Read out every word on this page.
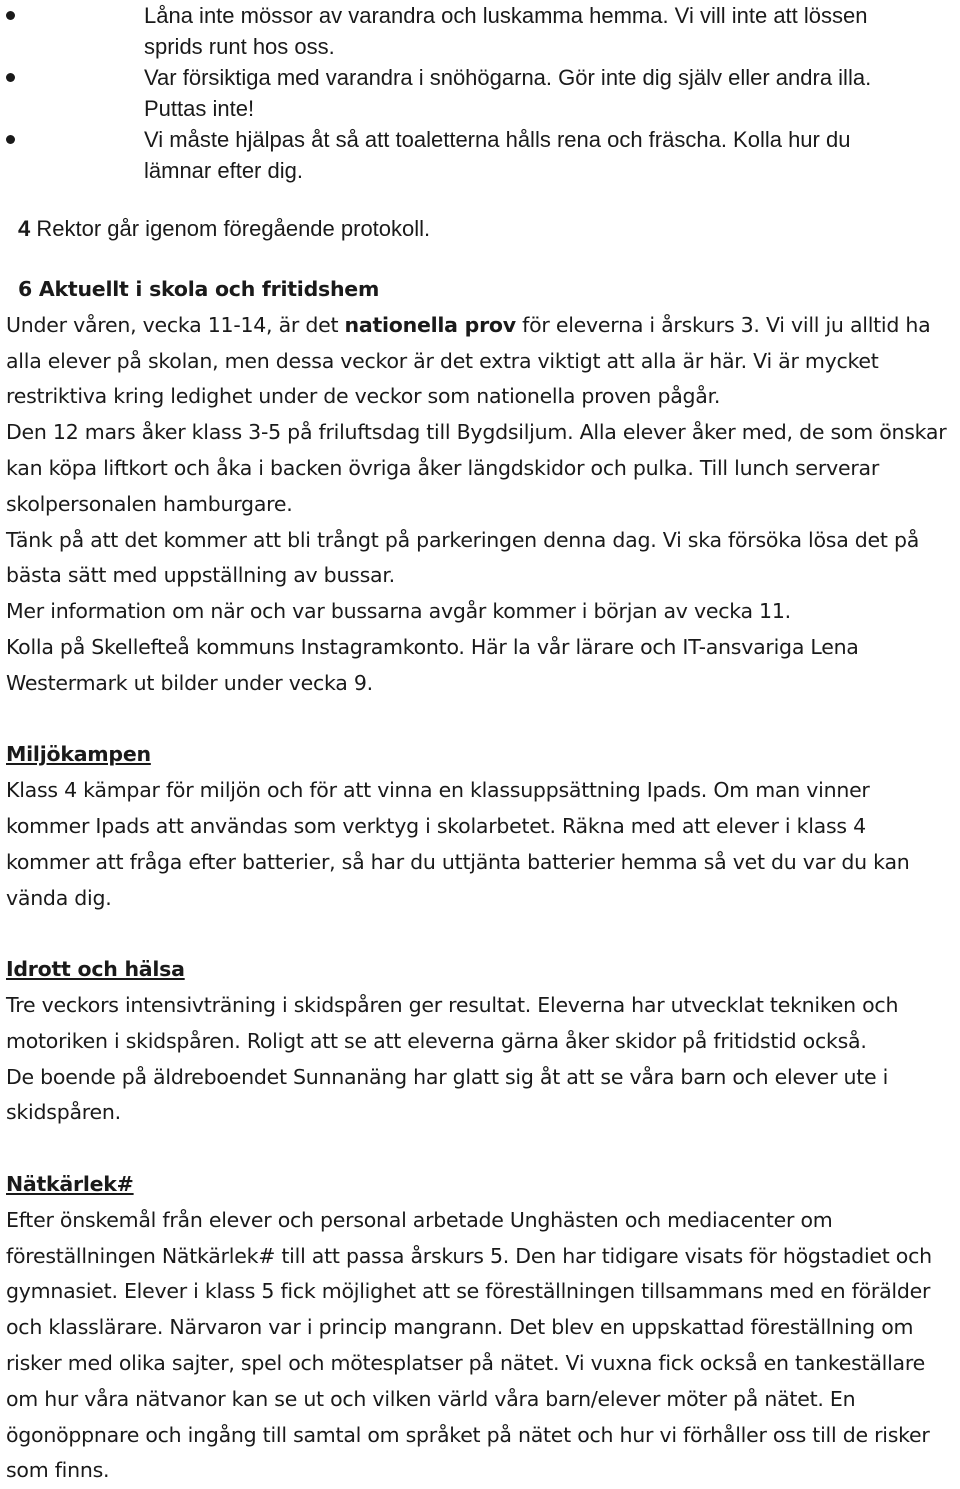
Låna inte mössor av varandra och luskamma hemma. Vi vill inte att lössen
sprids runt hos oss.
Var försiktiga med varandra i snöhögarna. Gör inte dig själv eller andra illa.
Puttas inte!
Vi måste hjälpas åt så att toaletterna hålls rena och fräscha. Kolla hur du
lämnar efter dig.
4 Rektor går igenom föregående protokoll.

6 Aktuellt i skola och fritidshem

Under våren, vecka 11-14, är det nationella prov för eleverna i årskurs 3. Vi vill ju alltid ha alla elever på skolan, men dessa veckor är det extra viktigt att alla är här. Vi är mycket restriktiva kring ledighet under de veckor som nationella proven pågår.

Den 12 mars åker klass 3-5 på friluftsdag till Bygdsiljum. Alla elever åker med, de som önskar kan köpa liftkort och åka i backen övriga åker längdskidor och pulka. Till lunch serverar skolpersonalen hamburgare.

Tänk på att det kommer att bli trångt på parkeringen denna dag. Vi ska försöka lösa det på bästa sätt med uppställning av bussar.

Mer information om när och var bussarna avgår kommer i början av vecka 11.

Kolla på Skellefteå kommuns Instagramkonto. Här la vår lärare och IT-ansvariga Lena Westermark ut bilder under vecka 9.

Miljökampen

Klass 4 kämpar för miljön och för att vinna en klassuppsättning Ipads. Om man vinner kommer Ipads att användas som verktyg i skolarbetet. Räkna med att elever i klass 4 kommer att fråga efter batterier, så har du uttjänta batterier hemma så vet du var du kan vända dig.

Idrott och hälsa

Tre veckors intensivträning i skidspåren ger resultat. Eleverna har utvecklat tekniken och motoriken i skidspåren. Roligt att se att eleverna gärna åker skidor på fritidstid också.

De boende på äldreboendet Sunnanäng har glatt sig åt att se våra barn och elever ute i skidspåren.

Nätkärlek#

Efter önskemål från elever och personal arbetade Unghästen och mediacenter om föreställningen Nätkärlek# till att passa årskurs 5. Den har tidigare visats för högstadiet och gymnasiet. Elever i klass 5 fick möjlighet att se föreställningen tillsammans med en förälder och klasslärare. Närvaron var i princip mangrann. Det blev en uppskattad föreställning om risker med olika sajter, spel och mötesplatser på nätet. Vi vuxna fick också en tankeställare om hur våra nätvanor kan se ut och vilken värld våra barn/elever möter på nätet. En ögonöppnare och ingång till samtal om språket på nätet och hur vi förhåller oss till de risker som finns.
